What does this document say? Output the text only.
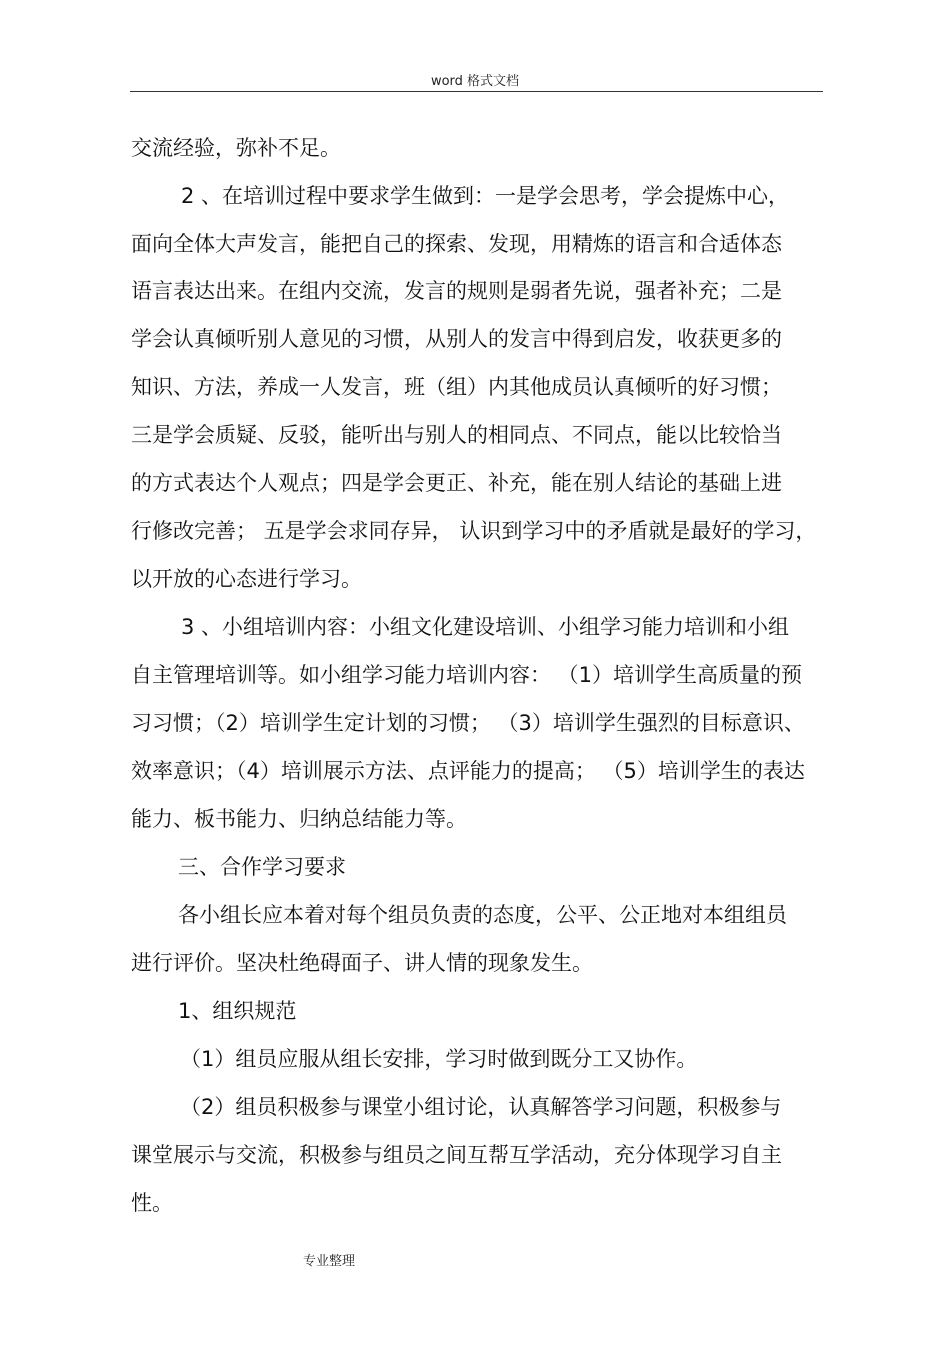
word 格式文档
交流经验，弥补不足。
2 、在培训过程中要求学生做到：一是学会思考，学会提炼中心，
面向全体大声发言，能把自己的探索、发现，用精炼的语言和合适体态
语言表达出来。在组内交流，发言的规则是弱者先说，强者补充；二是
学会认真倾听别人意见的习惯，从别人的发言中得到启发，收获更多的
知识、方法，养成一人发言，班（组）内其他成员认真倾听的好习惯；
三是学会质疑、反驳，能听出与别人的相同点、不同点，能以比较恰当
的方式表达个人观点；四是学会更正、补充，能在别人结论的基础上进
行修改完善； 五是学会求同存异， 认识到学习中的矛盾就是最好的学习，
以开放的心态进行学习。
3 、小组培训内容：小组文化建设培训、小组学习能力培训和小组
自主管理培训等。如小组学习能力培训内容： （1）培训学生高质量的预
习习惯；（2）培训学生定计划的习惯； （3）培训学生强烈的目标意识、
效率意识；（4）培训展示方法、点评能力的提高； （5）培训学生的表达
能力、板书能力、归纳总结能力等。
三、合作学习要求
各小组长应本着对每个组员负责的态度，公平、公正地对本组组员
进行评价。坚决杜绝碍面子、讲人情的现象发生。
1、组织规范
（1）组员应服从组长安排，学习时做到既分工又协作。
（2）组员积极参与课堂小组讨论，认真解答学习问题，积极参与
课堂展示与交流，积极参与组员之间互帮互学活动，充分体现学习自主
性。
专业整理
